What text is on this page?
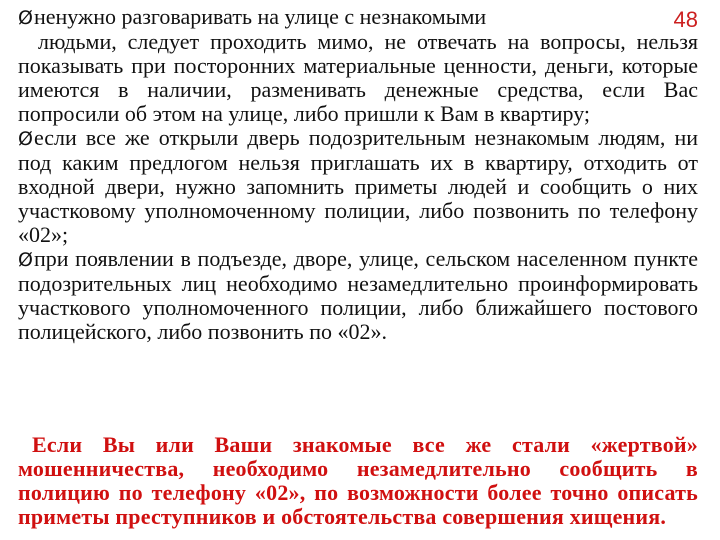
48

Øненужно разговаривать на улице с незнакомыми
людьми, следует проходить мимо, не отвечать на вопросы, нельзя показывать при посторонних материальные ценности, деньги, которые имеются в наличии, разменивать денежные средства, если Вас попросили об этом на улице, либо пришли к Вам в квартиру;

Øесли все же открыли дверь подозрительным незнакомым людям, ни под каким предлогом нельзя приглашать их в квартиру, отходить от входной двери, нужно запомнить приметы людей и сообщить о них участковому уполномоченному полиции, либо позвонить по телефону «02»;

Øпри появлении в подъезде, дворе, улице, сельском населенном пункте подозрительных лиц необходимо незамедлительно проинформировать участкового уполномоченного полиции, либо ближайшего постового полицейского, либо позвонить по «02».

Если Вы или Ваши знакомые все же стали «жертвой» мошенничества, необходимо незамедлительно сообщить в полицию по телефону «02», по возможности более точно описать приметы преступников и обстоятельства совершения хищения.
